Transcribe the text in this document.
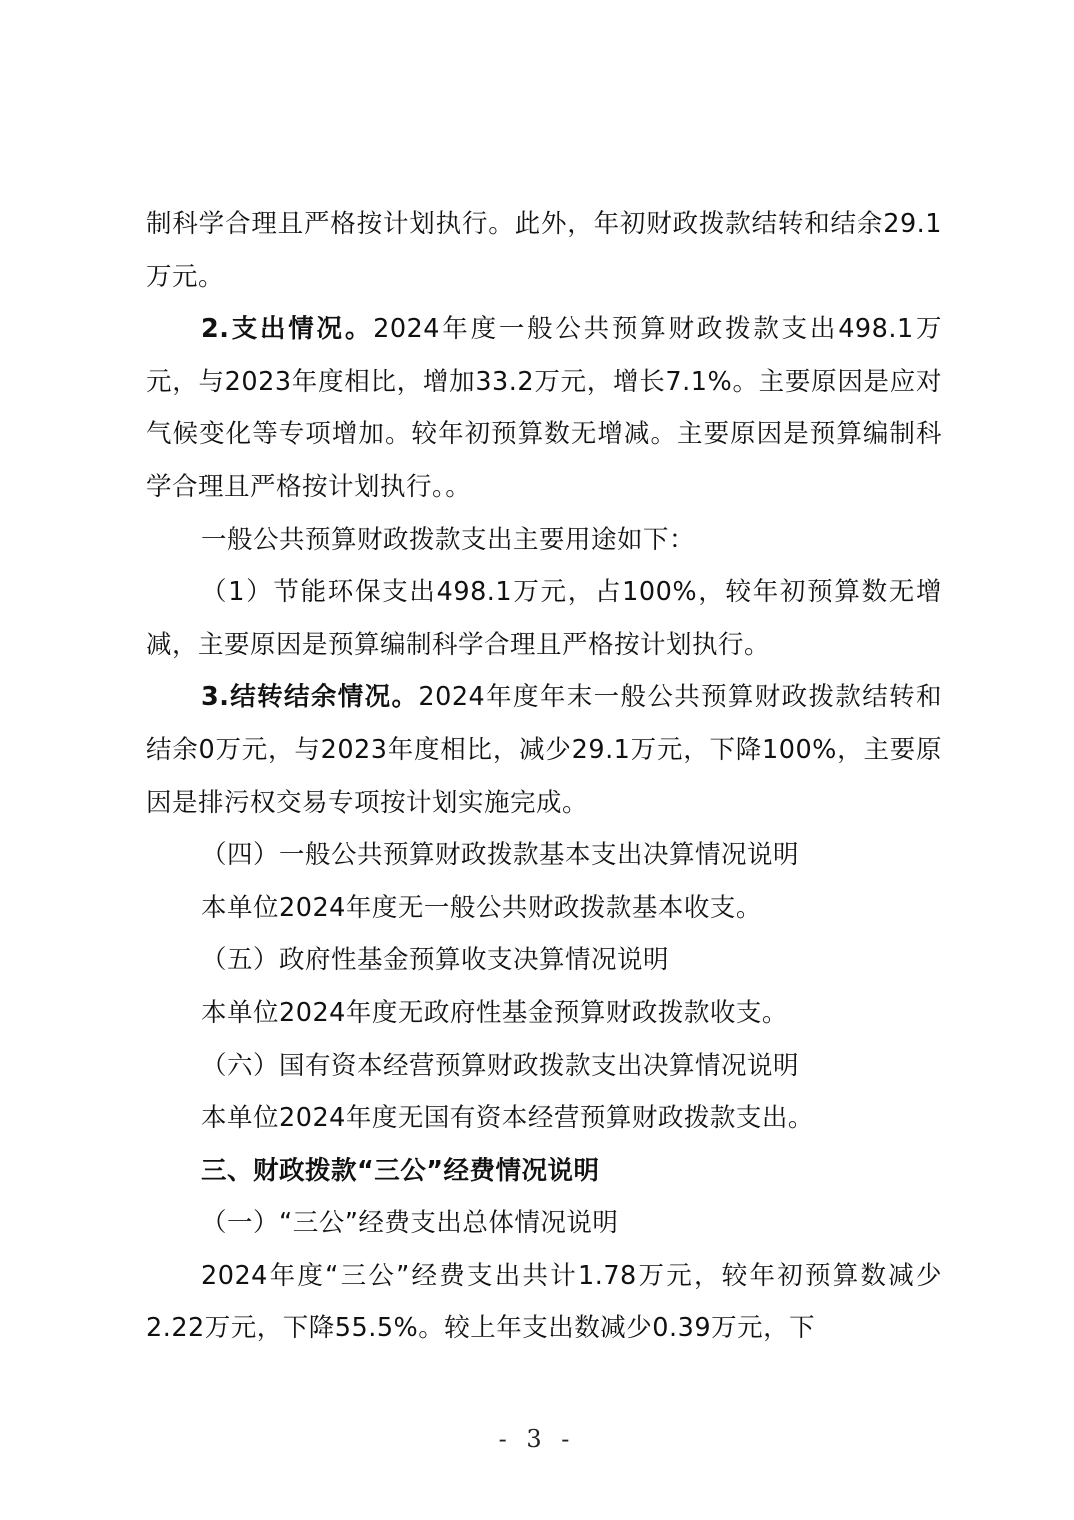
制科学合理且严格按计划执行。此外，年初财政拨款结转和结余29.1万元。

2.支出情况。2024年度一般公共预算财政拨款支出498.1万元，与2023年度相比，增加33.2万元，增长7.1%。主要原因是应对气候变化等专项增加。较年初预算数无增减。主要原因是预算编制科学合理且严格按计划执行。。

一般公共预算财政拨款支出主要用途如下：

（1）节能环保支出498.1万元，占100%，较年初预算数无增减，主要原因是预算编制科学合理且严格按计划执行。

3.结转结余情况。2024年度年末一般公共预算财政拨款结转和结余0万元，与2023年度相比，减少29.1万元，下降100%，主要原因是排污权交易专项按计划实施完成。

（四）一般公共预算财政拨款基本支出决算情况说明

本单位2024年度无一般公共财政拨款基本收支。

（五）政府性基金预算收支决算情况说明

本单位2024年度无政府性基金预算财政拨款收支。

（六）国有资本经营预算财政拨款支出决算情况说明

本单位2024年度无国有资本经营预算财政拨款支出。

三、财政拨款“三公”经费情况说明

（一）“三公”经费支出总体情况说明

2024年度“三公”经费支出共计1.78万元，较年初预算数减少2.22万元，下降55.5%。较上年支出数减少0.39万元，下

- 3 -
